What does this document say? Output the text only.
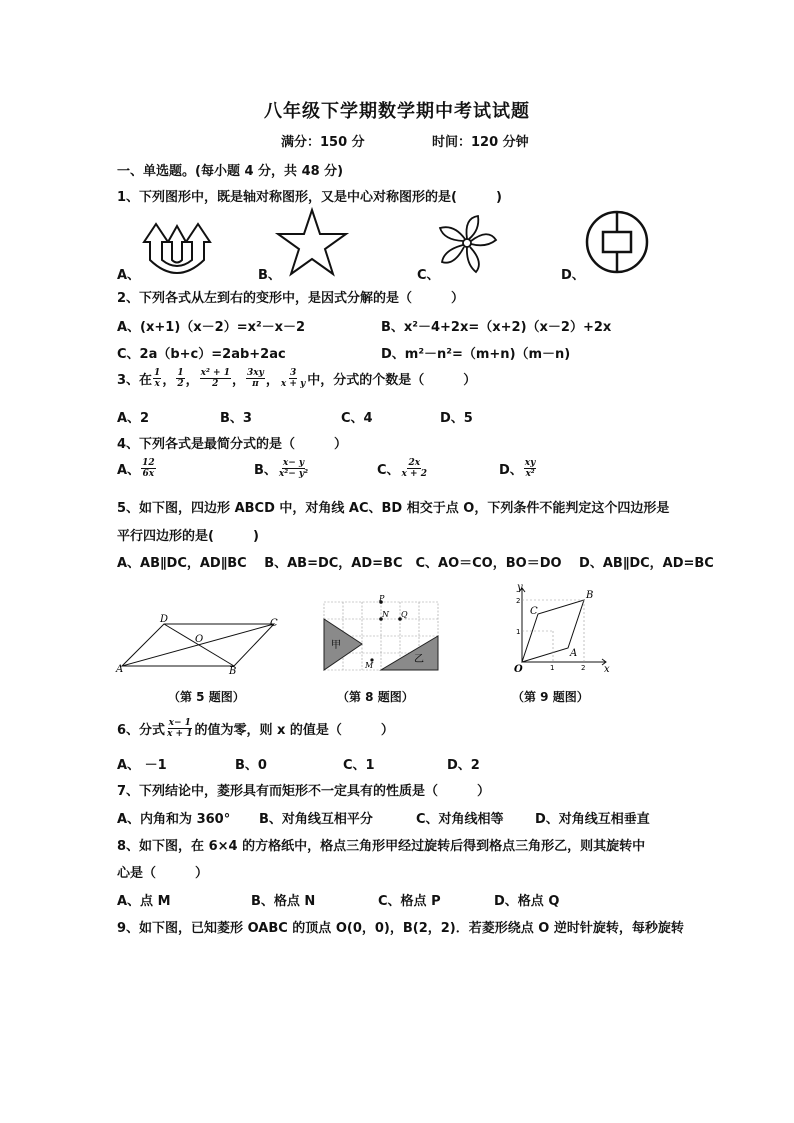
八年级下学期数学期中考试试题
满分：150 分	时间：120 分钟
一、单选题。(每小题 4 分，共 48 分)
1、下列图形中，既是轴对称图形，又是中心对称图形的是(　　　)
A、	B、	C、	D、
2、下列各式从左到右的变形中，是因式分解的是（　　　）
A、(x+1)（x－2）=x²－x－2	B、x²－4+2x=（x+2)（x－2）+2x
C、2a（b+c）=2ab+2ac	D、m²－n²=（m+n)（m－n)
3、在 $\frac{1}{x}$ ， $\frac{1}{2}$ ， $\frac{\text{x² + 1}}{2}$ ， $\frac{3xy}{\pi}$ ， $\frac{3}{x + y}$ 中，分式的个数是（　　　）
A、2	B、3	C、4	D、5
4、下列各式是最简分式的是（　　　）
A、 $\frac{12}{6x}$	B、 $\frac{x- y}{\text{x²− y²}}$	C、 $\frac{2x}{x + 2}$	D、 $\frac{xy}{\text{x²}}$
5、如下图，四边形 ABCD 中，对角线 AC、BD 相交于点 O，下列条件不能判定这个四边形是
平行四边形的是(　　　)
A、AB∥DC，AD∥BC　 B、AB=DC，AD=BC　C、AO＝CO，BO＝DO　 D、AB∥DC，AD=BC
A	B
C
D
O
（第 5 题图）
P
N Q
M
甲
乙
（第 8 题图）
x
y
O
A
B
C
1	2
1
2
（第 9 题图）
6、分式 $\frac{x- 1}{x + 1}$ 的值为零，则 x 的值是（　　　）
A、 －1	B、0	C、1	D、2
7、下列结论中，菱形具有而矩形不一定具有的性质是（　　　）
A、内角和为 360° B、对角线互相平分	C、对角线相等 D、对角线互相垂直
8、如下图，在 6×4 的方格纸中，格点三角形甲经过旋转后得到格点三角形乙，则其旋转中
心是（　　　）
A、点 M	B、格点 N	C、格点 P	D、格点 Q
9、如下图，已知菱形 OABC 的顶点 O(0，0)，B(2，2)．若菱形绕点 O 逆时针旋转，每秒旋转
